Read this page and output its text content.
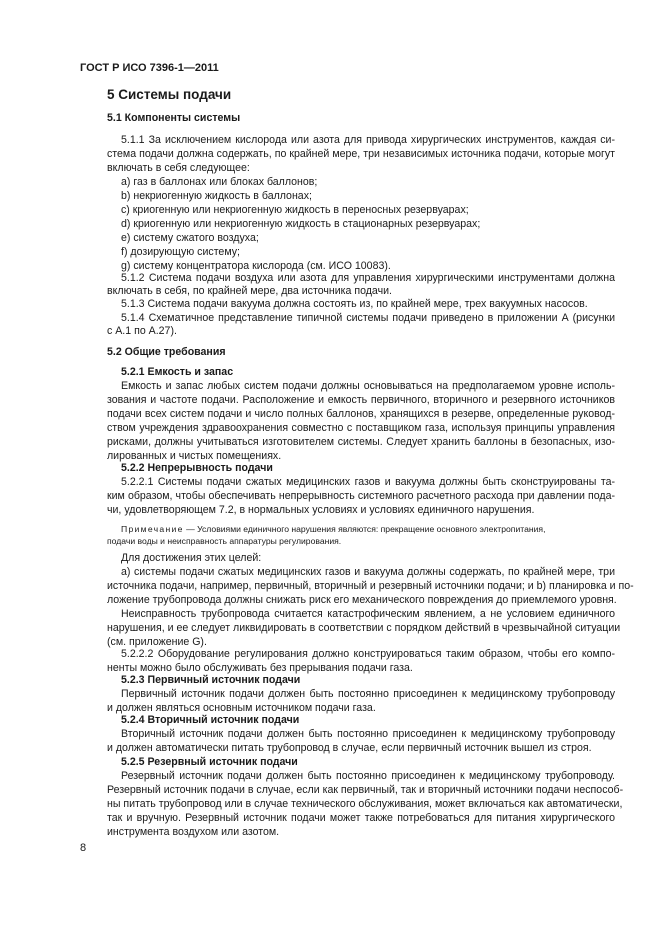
ГОСТ Р ИСО 7396-1—2011
5 Системы подачи
5.1 Компоненты системы
5.1.1 За исключением кислорода или азота для привода хирургических инструментов, каждая си-
стема подачи должна содержать, по крайней мере, три независимых источника подачи, которые могут
включать в себя следующее:
a) газ в баллонах или блоках баллонов;
b) некриогенную жидкость в баллонах;
c) криогенную или некриогенную жидкость в переносных резервуарах;
d) криогенную или некриогенную жидкость в стационарных резервуарах;
e) систему сжатого воздуха;
f) дозирующую систему;
g) систему концентратора кислорода (см. ИСО 10083).
5.1.2 Система подачи воздуха или азота для управления хирургическими инструментами должна
включать в себя, по крайней мере, два источника подачи.
5.1.3 Система подачи вакуума должна состоять из, по крайней мере, трех вакуумных насосов.
5.1.4 Схематичное представление типичной системы подачи приведено в приложении А (рисунки
с А.1 по А.27).
5.2 Общие требования
5.2.1 Емкость и запас
Емкость и запас любых систем подачи должны основываться на предполагаемом уровне исполь-
зования и частоте подачи. Расположение и емкость первичного, вторичного и резервного источников
подачи всех систем подачи и число полных баллонов, хранящихся в резерве, определенные руковод-
ством учреждения здравоохранения совместно с поставщиком газа, используя принципы управления
рисками, должны учитываться изготовителем системы. Следует хранить баллоны в безопасных, изо-
лированных и чистых помещениях.
5.2.2 Непрерывность подачи
5.2.2.1 Системы подачи сжатых медицинских газов и вакуума должны быть сконструированы та-
ким образом, чтобы обеспечивать непрерывность системного расчетного расхода при давлении пода-
чи, удовлетворяющем 7.2, в нормальных условиях и условиях единичного нарушения.
Примечание — Условиями единичного нарушения являются: прекращение основного электропитания,
подачи воды и неисправность аппаратуры регулирования.
Для достижения этих целей:
a) системы подачи сжатых медицинских газов и вакуума должны содержать, по крайней мере, три
источника подачи, например, первичный, вторичный и резервный источники подачи; и b) планировка и по-
ложение трубопровода должны снижать риск его механического повреждения до приемлемого уровня.
Неисправность трубопровода считается катастрофическим явлением, а не условием единичного
нарушения, и ее следует ликвидировать в соответствии с порядком действий в чрезвычайной ситуации
(см. приложение G).
5.2.2.2 Оборудование регулирования должно конструироваться таким образом, чтобы его компо-
ненты можно было обслуживать без прерывания подачи газа.
5.2.3 Первичный источник подачи
Первичный источник подачи должен быть постоянно присоединен к медицинскому трубопроводу
и должен являться основным источником подачи газа.
5.2.4 Вторичный источник подачи
Вторичный источник подачи должен быть постоянно присоединен к медицинскому трубопроводу
и должен автоматически питать трубопровод в случае, если первичный источник вышел из строя.
5.2.5 Резервный источник подачи
Резервный источник подачи должен быть постоянно присоединен к медицинскому трубопроводу.
Резервный источник подачи в случае, если как первичный, так и вторичный источники подачи неспособ-
ны питать трубопровод или в случае технического обслуживания, может включаться как автоматически,
так и вручную. Резервный источник подачи может также потребоваться для питания хирургического
инструмента воздухом или азотом.
8
